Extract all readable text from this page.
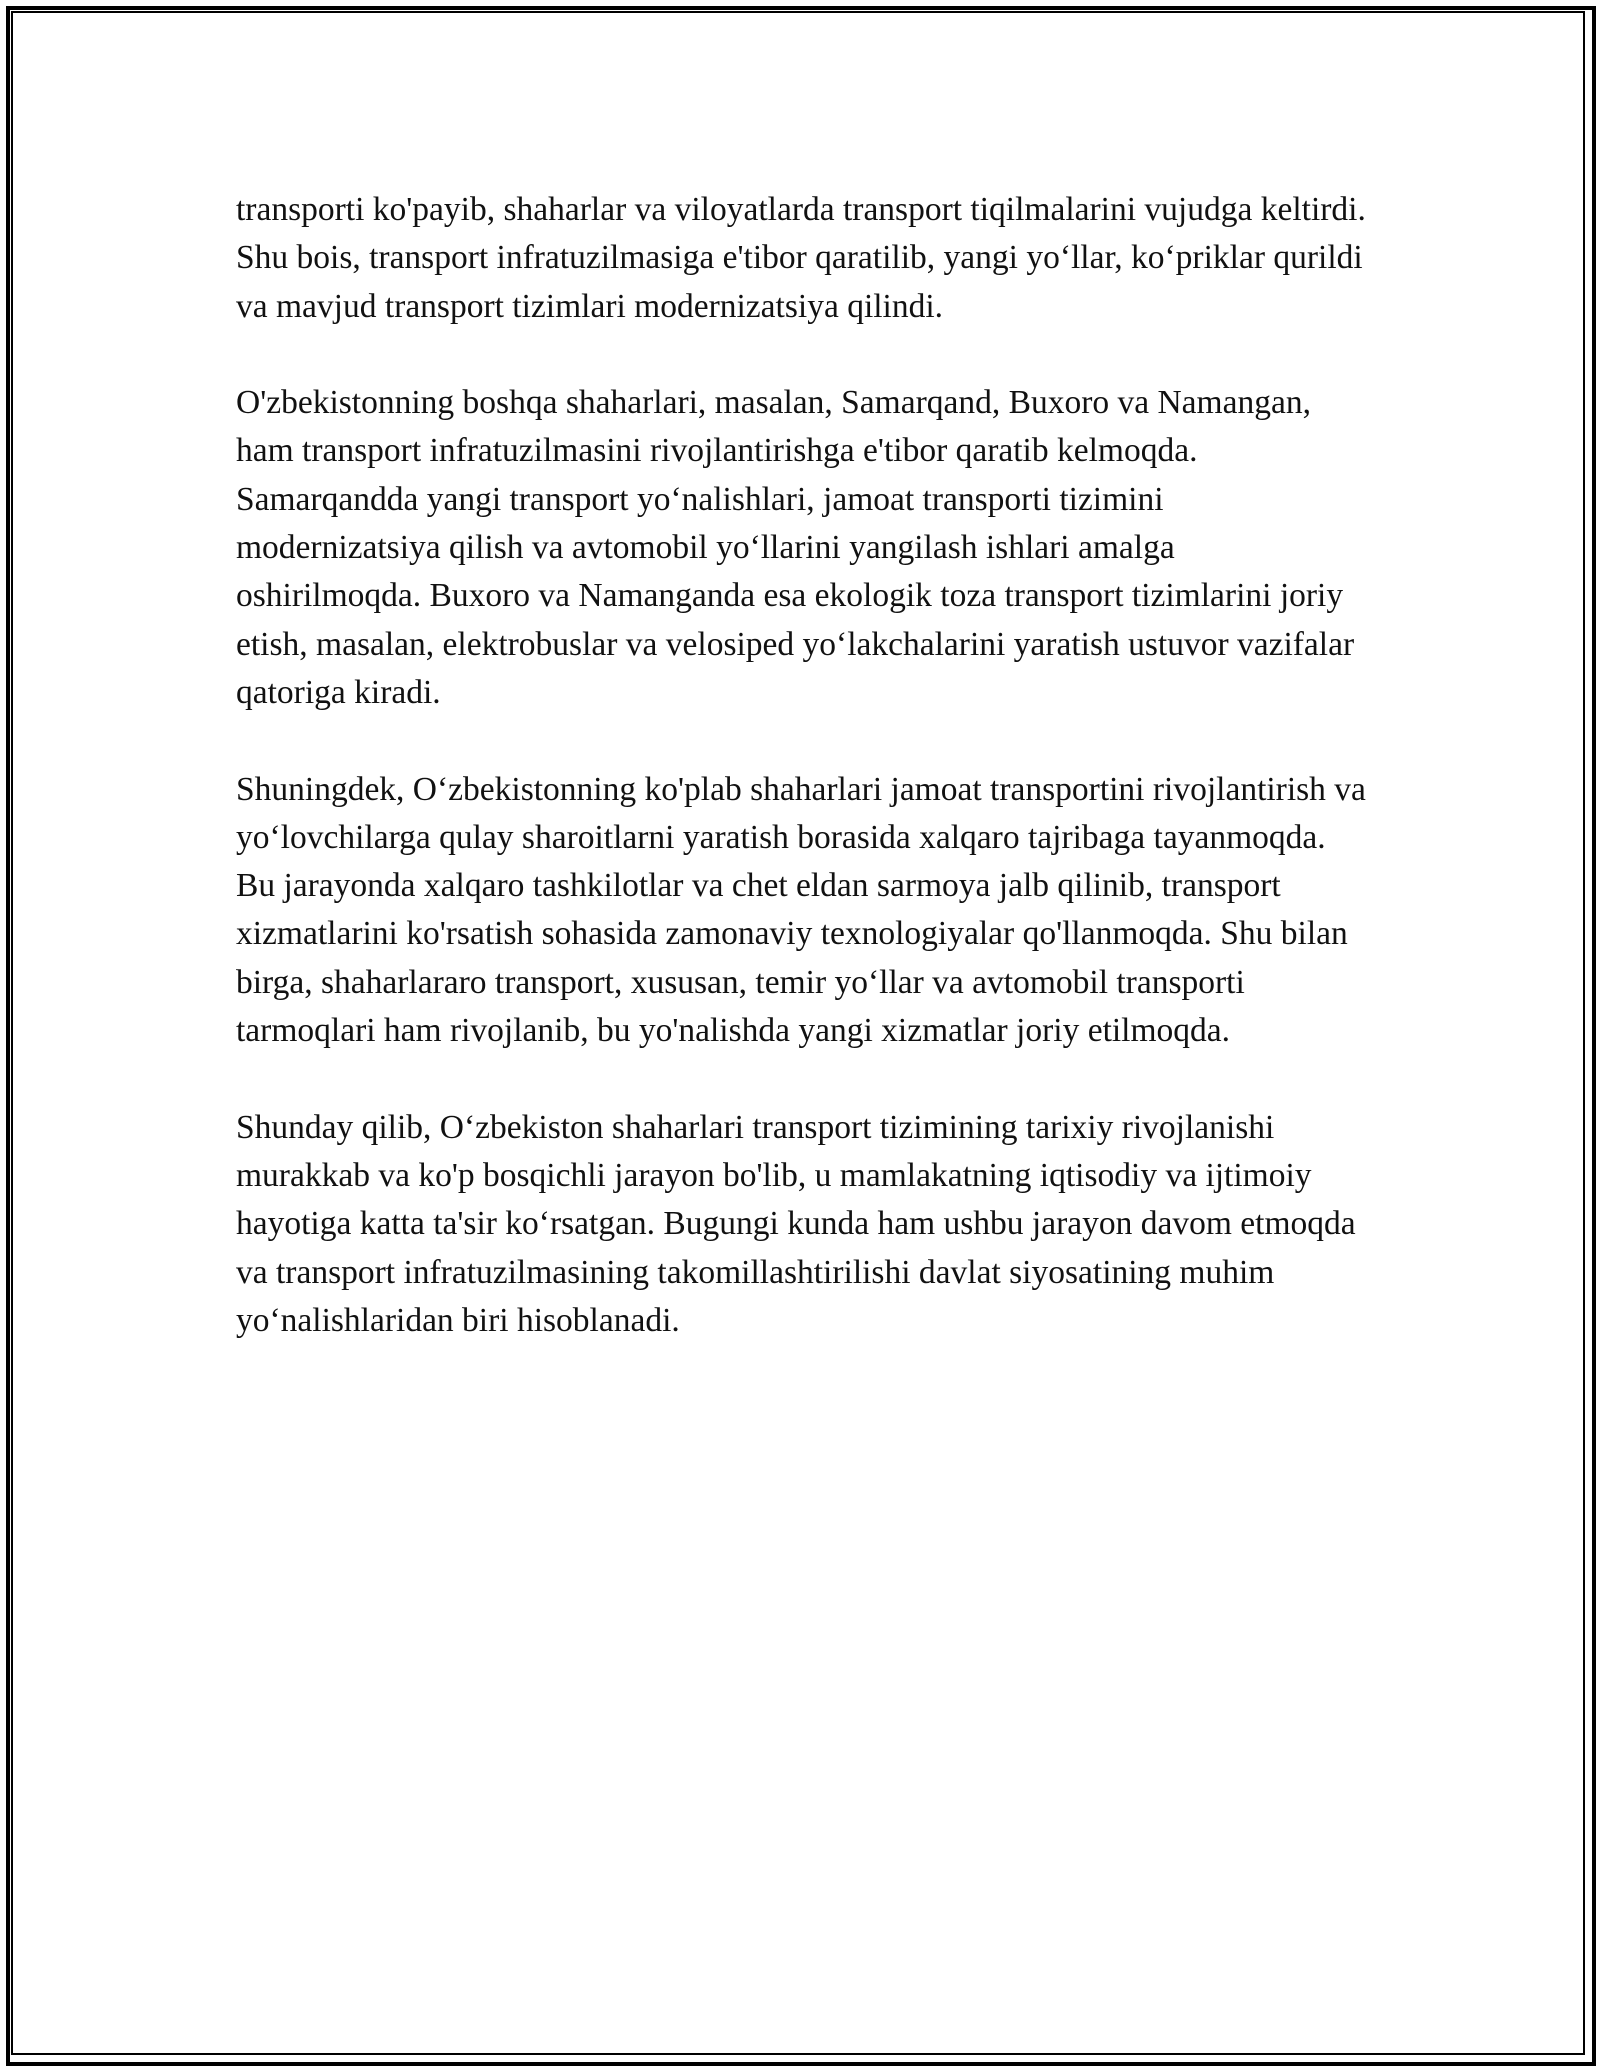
transporti ko'payib, shaharlar va viloyatlarda transport tiqilmalarini vujudga keltirdi. Shu bois, transport infratuzilmasiga e'tibor qaratilib, yangi yo‘llar, ko‘priklar qurildi va mavjud transport tizimlari modernizatsiya qilindi.

O'zbekistonning boshqa shaharlari, masalan, Samarqand, Buxoro va Namangan, ham transport infratuzilmasini rivojlantirishga e'tibor qaratib kelmoqda. Samarqandda yangi transport yo‘nalishlari, jamoat transporti tizimini modernizatsiya qilish va avtomobil yo‘llarini yangilash ishlari amalga oshirilmoqda. Buxoro va Namanganda esa ekologik toza transport tizimlarini joriy etish, masalan, elektrobuslar va velosiped yo‘lakchalarini yaratish ustuvor vazifalar qatoriga kiradi.

Shuningdek, O‘zbekistonning ko'plab shaharlari jamoat transportini rivojlantirish va yo‘lovchilarga qulay sharoitlarni yaratish borasida xalqaro tajribaga tayanmoqda. Bu jarayonda xalqaro tashkilotlar va chet eldan sarmoya jalb qilinib, transport xizmatlarini ko'rsatish sohasida zamonaviy texnologiyalar qo'llanmoqda. Shu bilan birga, shaharlararo transport, xususan, temir yo‘llar va avtomobil transporti tarmoqlari ham rivojlanib, bu yo'nalishda yangi xizmatlar joriy etilmoqda.

Shunday qilib, O‘zbekiston shaharlari transport tizimining tarixiy rivojlanishi murakkab va ko'p bosqichli jarayon bo'lib, u mamlakatning iqtisodiy va ijtimoiy hayotiga katta ta'sir ko‘rsatgan. Bugungi kunda ham ushbu jarayon davom etmoqda va transport infratuzilmasining takomillashtirilishi davlat siyosatining muhim yo‘nalishlaridan biri hisoblanadi.
